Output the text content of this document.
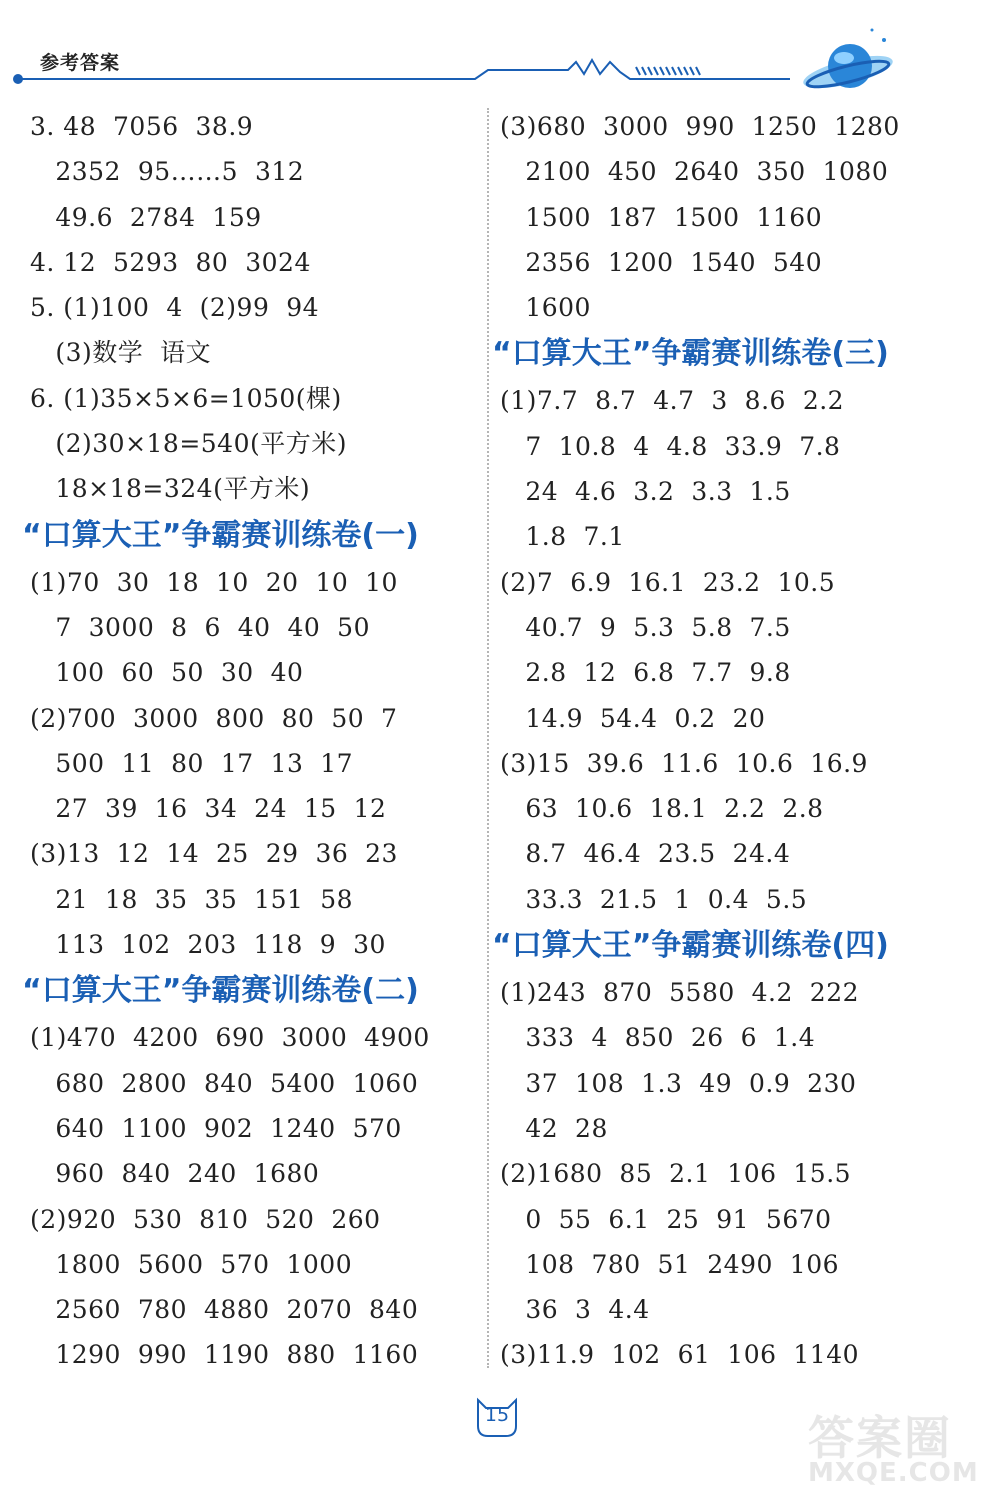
参考答案
3. 48  7056  38.9
2352  95……5  312
49.6  2784  159
4. 12  5293  80  3024
5. (1)100  4  (2)99  94
(3)数学  语文
6. (1)35×5×6=1050(棵)
(2)30×18=540(平方米)
18×18=324(平方米)
“口算大王”争霸赛训练卷(一)
(1)70  30  18  10  20  10  10
7  3000  8  6  40  40  50
100  60  50  30  40
(2)700  3000  800  80  50  7
500  11  80  17  13  17
27  39  16  34  24  15  12
(3)13  12  14  25  29  36  23
21  18  35  35  151  58
113  102  203  118  9  30
“口算大王”争霸赛训练卷(二)
(1)470  4200  690  3000  4900
680  2800  840  5400  1060
640  1100  902  1240  570
960  840  240  1680
(2)920  530  810  520  260
1800  5600  570  1000
2560  780  4880  2070  840
1290  990  1190  880  1160
(3)680  3000  990  1250  1280
2100  450  2640  350  1080
1500  187  1500  1160
2356  1200  1540  540
1600
“口算大王”争霸赛训练卷(三)
(1)7.7  8.7  4.7  3  8.6  2.2
7  10.8  4  4.8  33.9  7.8
24  4.6  3.2  3.3  1.5
1.8  7.1
(2)7  6.9  16.1  23.2  10.5
40.7  9  5.3  5.8  7.5
2.8  12  6.8  7.7  9.8
14.9  54.4  0.2  20
(3)15  39.6  11.6  10.6  16.9
63  10.6  18.1  2.2  2.8
8.7  46.4  23.5  24.4
33.3  21.5  1  0.4  5.5
“口算大王”争霸赛训练卷(四)
(1)243  870  5580  4.2  222
333  4  850  26  6  1.4
37  108  1.3  49  0.9  230
42  28
(2)1680  85  2.1  106  15.5
0  55  6.1  25  91  5670
108  780  51  2490  106
36  3  4.4
(3)11.9  102  61  106  1140
15	答案圈
MXQE.COM
